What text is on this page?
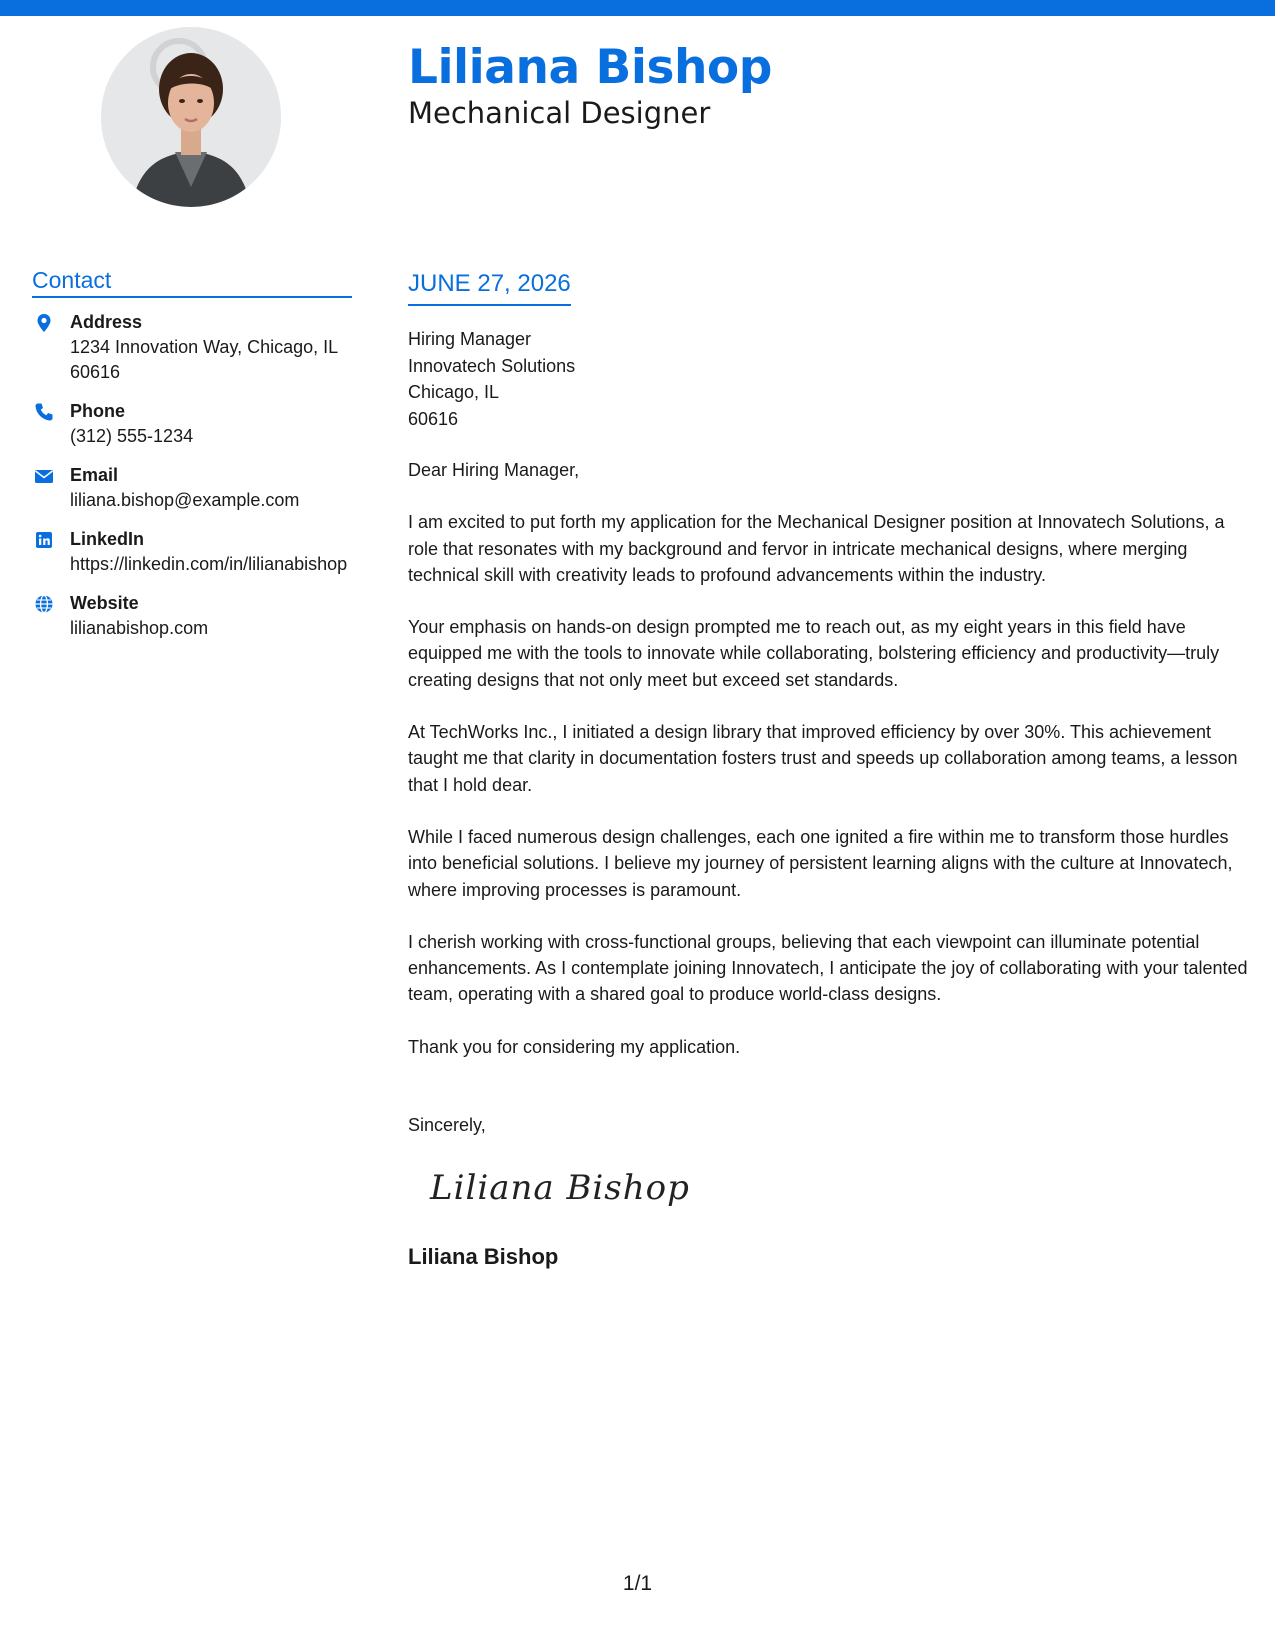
Liliana Bishop
Mechanical Designer
Contact
Address
1234 Innovation Way, Chicago, IL 60616
Phone
(312) 555-1234
Email
liliana.bishop@example.com
LinkedIn
https://linkedin.com/in/lilianabishop
Website
lilianabishop.com
JUNE 27, 2026
Hiring Manager
Innovatech Solutions
Chicago, IL
60616

Dear Hiring Manager,

I am excited to put forth my application for the Mechanical Designer position at Innovatech Solutions, a role that resonates with my background and fervor in intricate mechanical designs, where merging technical skill with creativity leads to profound advancements within the industry.

Your emphasis on hands-on design prompted me to reach out, as my eight years in this field have equipped me with the tools to innovate while collaborating, bolstering efficiency and productivity—truly creating designs that not only meet but exceed set standards.

At TechWorks Inc., I initiated a design library that improved efficiency by over 30%. This achievement taught me that clarity in documentation fosters trust and speeds up collaboration among teams, a lesson that I hold dear.

While I faced numerous design challenges, each one ignited a fire within me to transform those hurdles into beneficial solutions. I believe my journey of persistent learning aligns with the culture at Innovatech, where improving processes is paramount.

I cherish working with cross-functional groups, believing that each viewpoint can illuminate potential enhancements. As I contemplate joining Innovatech, I anticipate the joy of collaborating with your talented team, operating with a shared goal to produce world-class designs.

Thank you for considering my application.

Sincerely,

Liliana Bishop
Liliana Bishop
1/1
